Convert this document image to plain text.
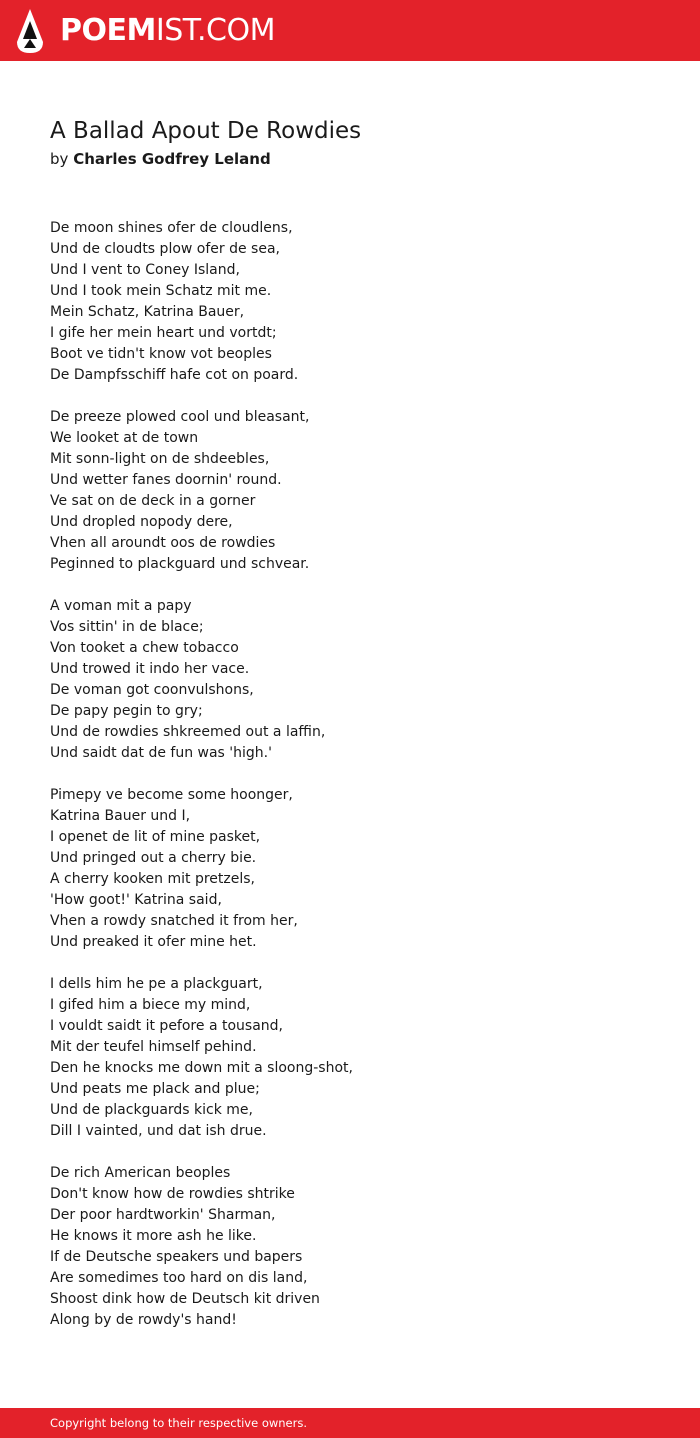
POEMIST.COM
A Ballad Apout De Rowdies
by Charles Godfrey Leland
De moon shines ofer de cloudlens,
Und de cloudts plow ofer de sea,
Und I vent to Coney Island,
Und I took mein Schatz mit me.
Mein Schatz, Katrina Bauer,
I gife her mein heart und vortdt;
Boot ve tidn't know vot beoples
De Dampfsschiff hafe cot on poard.
De preeze plowed cool und bleasant,
We looket at de town
Mit sonn-light on de shdeebles,
Und wetter fanes doornin' round.
Ve sat on de deck in a gorner
Und dropled nopody dere,
Vhen all aroundt oos de rowdies
Peginned to plackguard und schvear.
A voman mit a papy
Vos sittin' in de blace;
Von tooket a chew tobacco
Und trowed it indo her vace.
De voman got coonvulshons,
De papy pegin to gry;
Und de rowdies shkreemed out a laffin,
Und saidt dat de fun was 'high.'
Pimepy ve become some hoonger,
Katrina Bauer und I,
I openet de lit of mine pasket,
Und pringed out a cherry bie.
A cherry kooken mit pretzels,
'How goot!' Katrina said,
Vhen a rowdy snatched it from her,
Und preaked it ofer mine het.
I dells him he pe a plackguart,
I gifed him a biece my mind,
I vouldt saidt it pefore a tousand,
Mit der teufel himself pehind.
Den he knocks me down mit a sloong-shot,
Und peats me plack and plue;
Und de plackguards kick me,
Dill I vainted, und dat ish drue.
De rich American beoples
Don't know how de rowdies shtrike
Der poor hardtworkin' Sharman,
He knows it more ash he like.
If de Deutsche speakers und bapers
Are somedimes too hard on dis land,
Shoost dink how de Deutsch kit driven
Along by de rowdy's hand!
Copyright belong to their respective owners.
